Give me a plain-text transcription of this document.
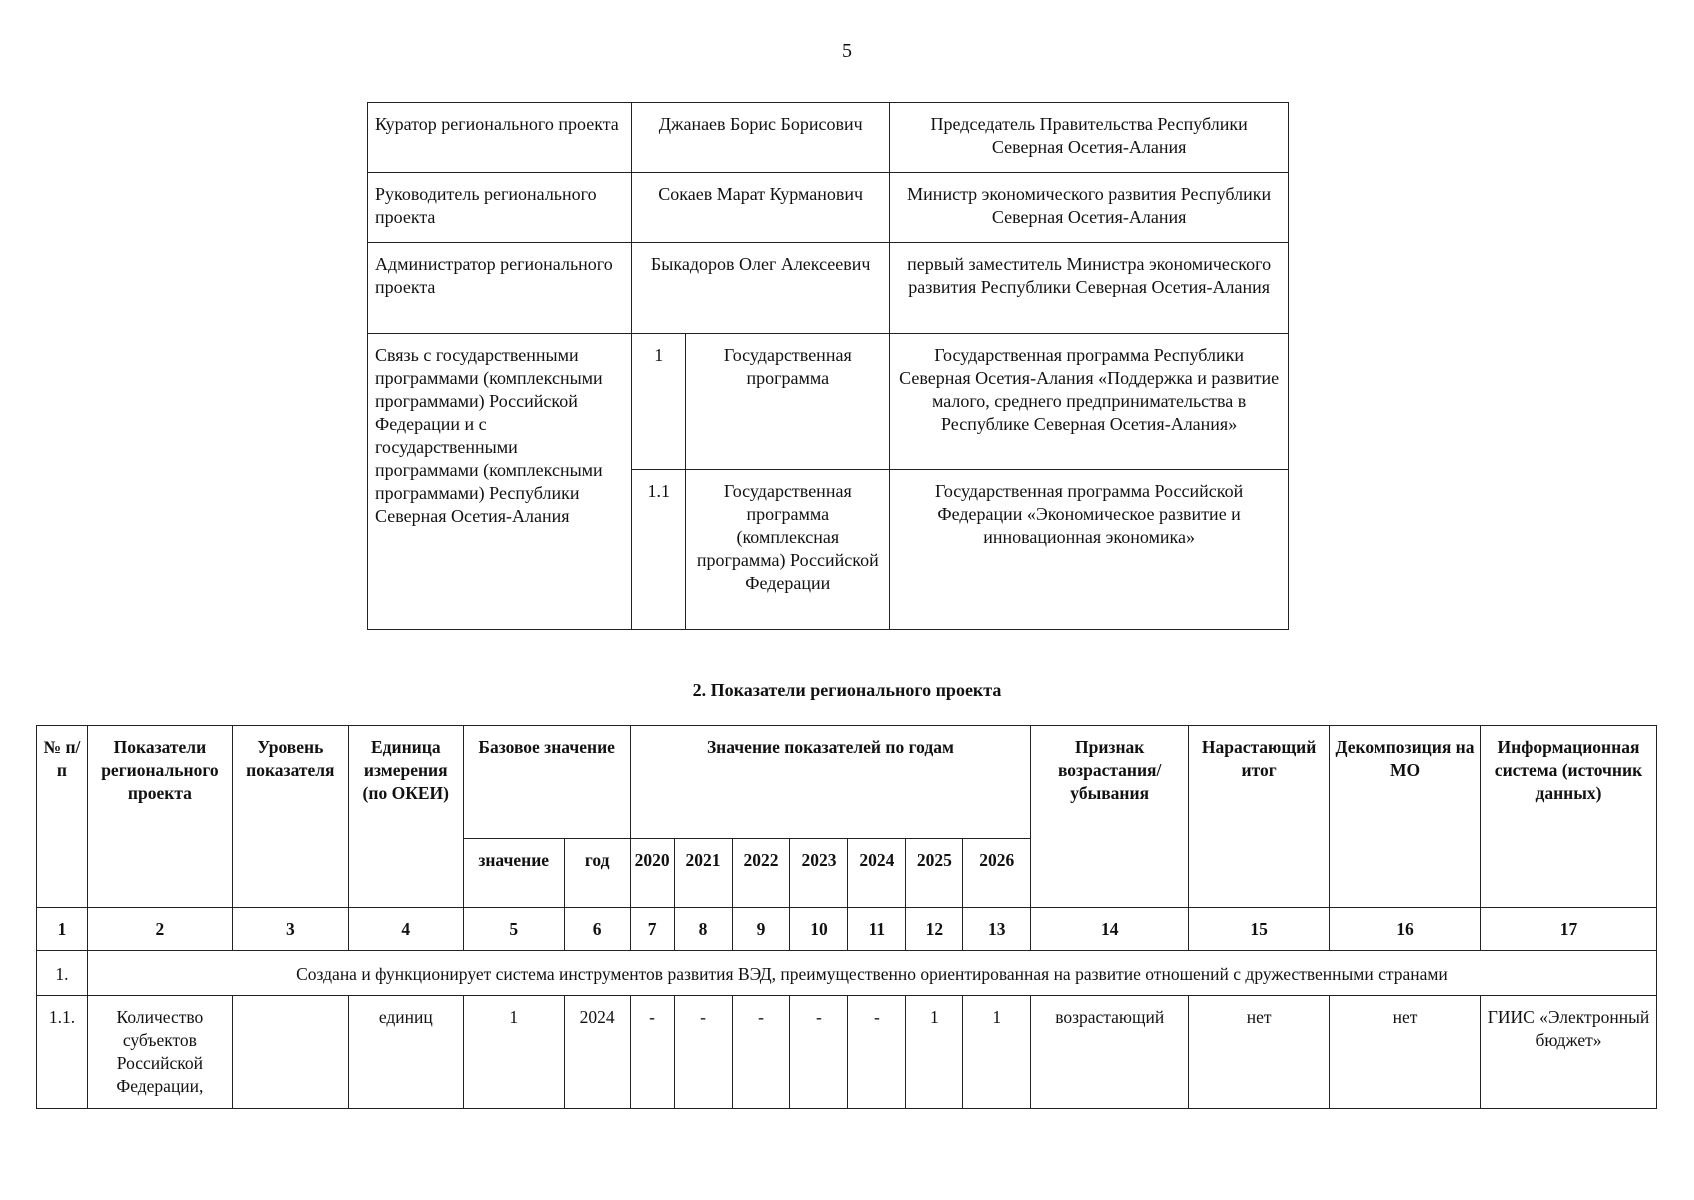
5
Куратор регионального проекта	Джанаев Борис Борисович		Председатель Правительства Республики Северная Осетия-Алания
Руководитель регионального проекта	Сокаев Марат Курманович		Министр экономического развития Республики Северная Осетия-Алания
Администратор регионального проекта	Быкадоров Олег Алексеевич		первый заместитель Министра экономического развития Республики Северная Осетия-Алания
Связь с государственными программами (комплексными программами) Российской Федерации и с государственными программами (комплексными программами) Республики Северная Осетия-Алания	1	Государственная программа	Государственная программа Республики Северная Осетия-Алания «Поддержка и развитие малого, среднего предпринимательства в Республике Северная Осетия-Алания»
	1.1	Государственная программа (комплексная программа) Российской Федерации	Государственная программа Российской Федерации «Экономическое развитие и инновационная экономика»
2. Показатели регионального проекта
№ п/п	Показатели регионального проекта	Уровень показателя	Единица измерения (по ОКЕИ)	Базовое значение		Значение показателей по годам							Признак возрастания/ убывания	Нарастающий итог	Декомпозиция на МО	Информационная система (источник данных)
				значение	год	2020	2021	2022	2023	2024	2025	2026				
1	2	3	4	5	6	7	8	9	10	11	12	13	14	15	16	17
1.	Создана и функционирует система инструментов развития ВЭД, преимущественно ориентированная на развитие отношений с дружественными странами															
1.1.	Количество субъектов Российской Федерации,		единиц	1	2024	-	-	-	-	-	1	1	возрастающий	нет	нет	ГИИС «Электронный бюджет»
